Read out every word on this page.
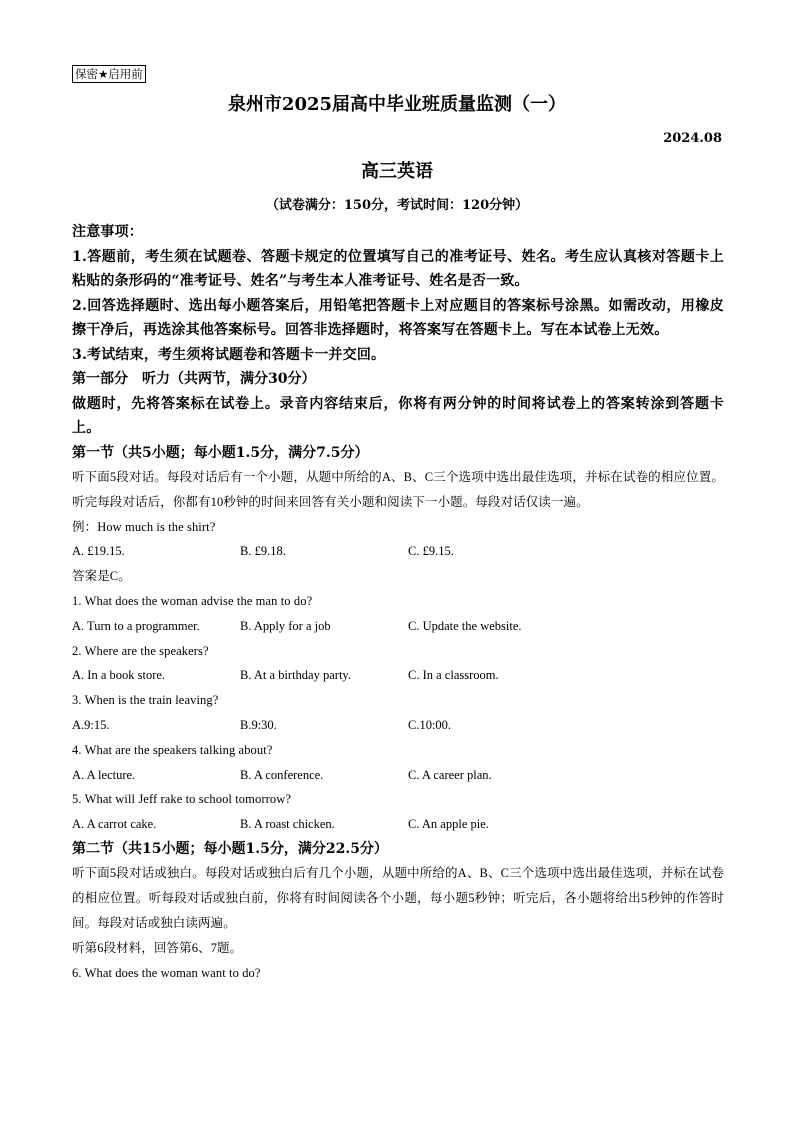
保密★启用前
泉州市2025届高中毕业班质量监测（一）
2024.08
高三英语
（试卷满分：150分，考试时间：120分钟）

注意事项：

1.答题前，考生须在试题卷、答题卡规定的位置填写自己的准考证号、姓名。考生应认真核对答题卡上粘贴的条形码的“准考证号、姓名”与考生本人准考证号、姓名是否一致。

2.回答选择题时、选出每小题答案后，用铅笔把答题卡上对应题目的答案标号涂黑。如需改动，用橡皮擦干净后，再选涂其他答案标号。回答非选择题时，将答案写在答题卡上。写在本试卷上无效。

3.考试结束，考生须将试题卷和答题卡一并交回。

第一部分　听力（共两节，满分30分）

做题时，先将答案标在试卷上。录音内容结束后，你将有两分钟的时间将试卷上的答案转涂到答题卡上。

第一节（共5小题；每小题1.5分，满分7.5分）

听下面5段对话。每段对话后有一个小题，从题中所给的A、B、C三个选项中选出最佳选项，并标在试卷的相应位置。听完每段对话后，你都有10秒钟的时间来回答有关小题和阅读下一小题。每段对话仅读一遍。

例：How much is the shirt?

A. £19.15.	B. £9.18.	C. £9.15.

答案是C。

1. What does the woman advise the man to do?

A. Turn to a programmer.	B. Apply for a job	C. Update the website.

2. Where are the speakers?

A. In a book store.	B. At a birthday party.	C. In a classroom.

3. When is the train leaving?

A.9:15.	B.9:30.	C.10:00.

4. What are the speakers talking about?

A. A lecture.	B. A conference.	C. A career plan.

5. What will Jeff rake to school tomorrow?

A. A carrot cake.	B. A roast chicken.	C. An apple pie.

第二节（共15小题；每小题1.5分，满分22.5分）

听下面5段对话或独白。每段对话或独白后有几个小题，从题中所给的A、B、C三个选项中选出最佳选项，并标在试卷的相应位置。听每段对话或独白前，你将有时间阅读各个小题，每小题5秒钟；听完后，各小题将给出5秒钟的作答时间。每段对话或独白读两遍。

听第6段材料，回答第6、7题。

6. What does the woman want to do?
